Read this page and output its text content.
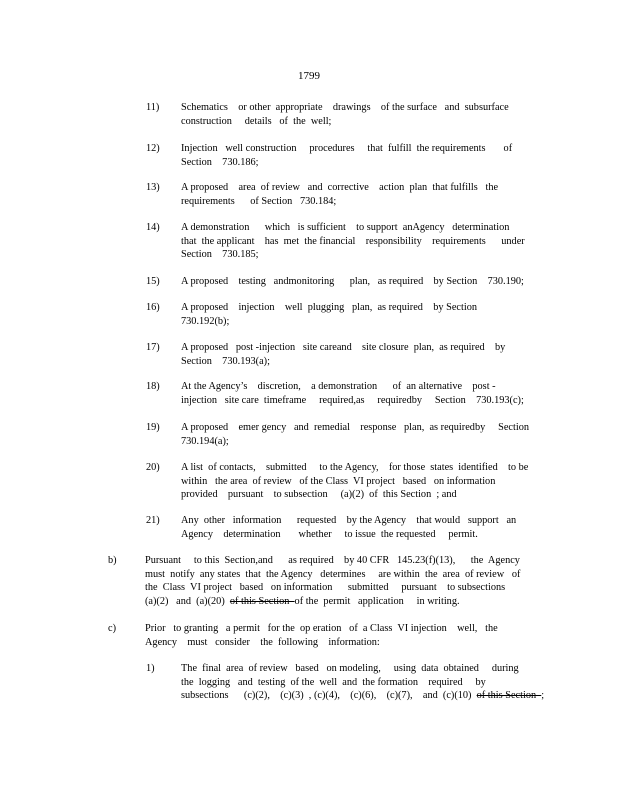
1799
11) Schematics    or other  appropriate    drawings    of the surface   and  subsurface
construction     details   of  the  well;
12) Injection   well construction     procedures     that  fulfill  the requirements       of
Section    730.186;
13) A proposed    area  of review   and  corrective    action  plan  that fulfills   the
requirements      of Section   730.184;
14) A demonstration      which   is sufficient    to support  anAgency   determination
that  the applicant    has  met  the financial    responsibility    requirements      under
Section    730.185;
15) A proposed    testing   andmonitoring      plan,   as required    by Section    730.190;
16) A proposed    injection    well  plugging   plan,  as required    by Section
730.192(b);
17) A proposed   post -injection   site careand    site closure  plan,  as required    by
Section    730.193(a);
18) At the Agency’s    discretion,    a demonstration      of  an alternative    post -
injection   site care  timeframe     required,as     requiredby     Section    730.193(c);
19) A proposed    emer gency   and  remedial    response   plan,  as requiredby     Section
730.194(a);
20) A list  of contacts,    submitted     to the Agency,    for those  states  identified    to be
within   the area  of review   of the Class  VI project   based   on information
provided    pursuant    to subsection     (a)(2)  of  this Section  ; and
21) Any  other   information      requested    by the Agency    that would   support   an
Agency    determination       whether     to issue  the requested     permit.
b)	Pursuant     to this  Section,and      as required    by 40 CFR   145.23(f)(13),      the  Agency
must  notify  any states  that  the Agency   determines     are within  the  area  of review   of
the  Class  VI project   based   on information      submitted     pursuant    to subsections
(a)(2)   and  (a)(20)  of this Section  of the  permit   application     in writing.
c)	Prior   to granting   a permit   for the  op eration   of  a Class  VI injection    well,   the
Agency    must   consider    the  following    information:
1)	The  final  area  of review   based   on modeling,     using  data  obtained     during
the  logging   and  testing  of the  well  and  the formation    required     by
subsections      (c)(2),    (c)(3)  , (c)(4),    (c)(6),    (c)(7),    and  (c)(10)  of this Section  ;
